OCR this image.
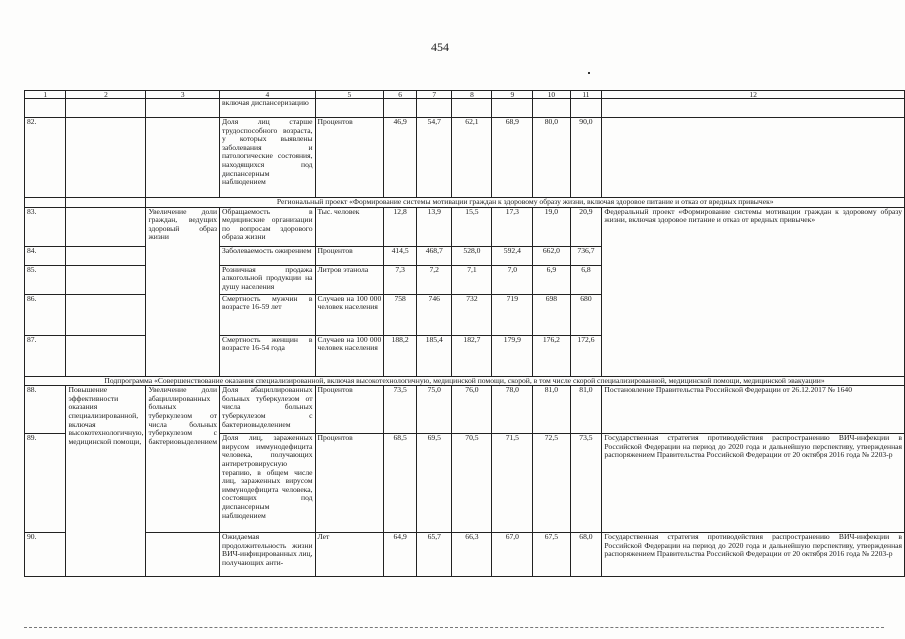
454
1	2	3	4	5	6	7	8	9	10	11	12
			включая диспансеризацию								
82.			Доля лиц старше трудоспособного возраста, у которых выявлены заболевания и патологические состояния, находящихся под диспансерным наблюдением	Процентов	46,9	54,7	62,1	68,9	80,0	90,0	
		Региональный проект «Формирование системы мотивации граждан к здоровому образу жизни, включая здоровое питание и отказ от вредных привычек»									
83.		Увеличение доли граждан, ведущих здоровый образ жизни	Обращаемость в медицинские организации по вопросам здорового образа жизни	Тыс. человек	12,8	13,9	15,5	17,3	19,0	20,9	Федеральный проект «Формирование системы мотивации граждан к здоровому образу жизни, включая здоровое питание и отказ от вредных привычек»
84.			Заболеваемость ожирением	Процентов	414,5	468,7	528,0	592,4	662,0	736,7	
85.			Розничная продажа алкогольной продукции на душу населения	Литров этанола	7,3	7,2	7,1	7,0	6,9	6,8	
86.			Смертность мужчин в возрасте 16-59 лет	Случаев на 100 000 человек населения	758	746	732	719	698	680	
87.			Смертность женщин в возрасте 16-54 года	Случаев на 100 000 человек населения	188,2	185,4	182,7	179,9	176,2	172,6	
Подпрограмма «Совершенствование оказания специализированной, включая высокотехнологичную, медицинской помощи, скорой, в том числе скорой специализированной, медицинской помощи, медицинской эвакуации»											
88.	Повышение эффективности оказания специализированной, включая высокотехнологичную, медицинской помощи,	Увеличение доли абациллированных больных туберкулезом от числа больных туберкулезом с бактериовыделением	Доля абациллированных больных туберкулезом от числа больных туберкулезом с бактериовыделением	Процентов	73,5	75,0	76,0	78,0	81,0	81,0	Постановление Правительства Российской Федерации от 26.12.2017 № 1640
89.			Доля лиц, зараженных вирусом иммунодефицита человека, получающих антиретровирусную терапию, в общем числе лиц, зараженных вирусом иммунодефицита человека, состоящих под диспансерным наблюдением	Процентов	68,5	69,5	70,5	71,5	72,5	73,5	Государственная стратегия противодействия распространению ВИЧ-инфекции в Российской Федерации на период до 2020 года и дальнейшую перспективу, утвержденная распоряжением Правительства Российской Федерации от 20 октября 2016 года № 2203-р
90.			Ожидаемая продолжительность жизни ВИЧ-инфицированных лиц, получающих анти-	Лет	64,9	65,7	66,3	67,0	67,5	68,0	Государственная стратегия противодействия распространению ВИЧ-инфекции в Российской Федерации на период до 2020 года и дальнейшую перспективу, утвержденная распоряжением Правительства Российской Федерации от 20 октября 2016 года № 2203-р
